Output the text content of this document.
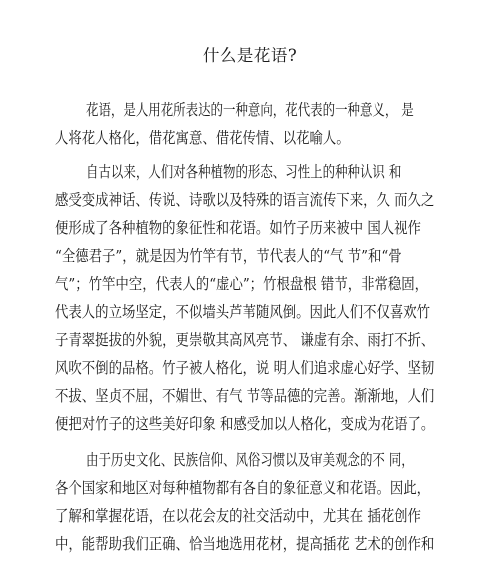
什么是花语?
花语，是人用花所表达的一种意向，花代表的一种意义， 是
人将花人格化，借花寓意、借花传情、以花喻人。
自古以来，人们对各种植物的形态、习性上的种种认识 和
感受变成神话、传说、诗歌以及特殊的语言流传下来，久 而久之
便形成了各种植物的象征性和花语。如竹子历来被中 国人视作
“全德君子”，就是因为竹竿有节，节代表人的“气 节”和“骨
气”；竹竿中空，代表人的“虚心”；竹根盘根 错节，非常稳固，
代表人的立场坚定，不似墙头芦苇随风倒。因此人们不仅喜欢竹
子青翠挺拔的外貌，更崇敬其高风亮节、 谦虚有余、雨打不折、
风吹不倒的品格。竹子被人格化，说 明人们追求虚心好学、坚韧
不拔、坚贞不屈，不媚世、有气 节等品德的完善。渐渐地，人们
便把对竹子的这些美好印象 和感受加以人格化，变成为花语了。
由于历史文化、民族信仰、风俗习惯以及审美观念的不 同，
各个国家和地区对每种植物都有各自的象征意义和花语。因此，
了解和掌握花语，在以花会友的社交活动中，尤其在 插花创作
中，能帮助我们正确、恰当地选用花材，提高插花 艺术的创作和
